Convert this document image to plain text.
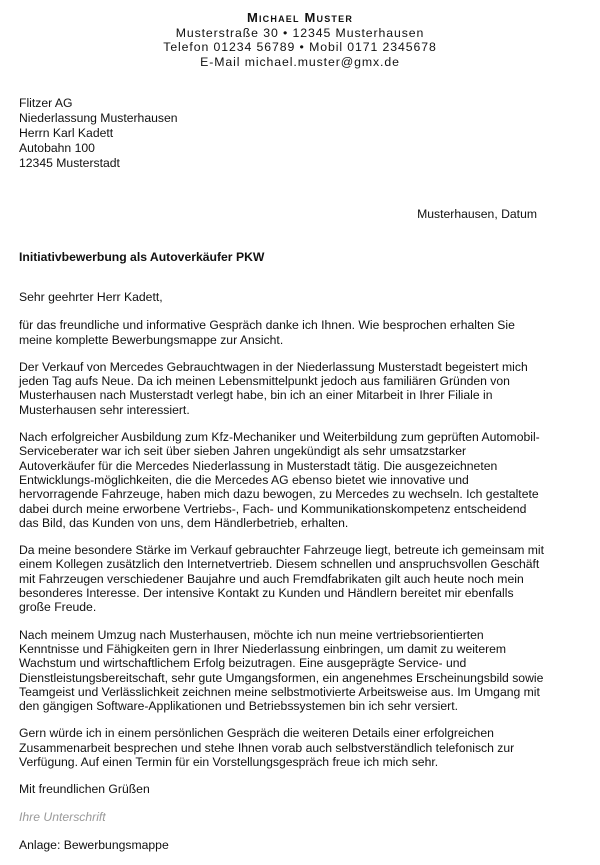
Michael Muster
Musterstraße 30 • 12345 Musterhausen
Telefon 01234 56789 • Mobil 0171 2345678
E-Mail michael.muster@gmx.de
Flitzer AG
Niederlassung Musterhausen
Herrn Karl Kadett
Autobahn 100
12345 Musterstadt
Musterhausen, Datum
Initiativbewerbung als Autoverkäufer PKW

Sehr geehrter Herr Kadett,

für das freundliche und informative Gespräch danke ich Ihnen. Wie besprochen erhalten Sie meine komplette Bewerbungsmappe zur Ansicht.

Der Verkauf von Mercedes Gebrauchtwagen in der Niederlassung Musterstadt begeistert mich jeden Tag aufs Neue. Da ich meinen Lebensmittelpunkt jedoch aus familiären Gründen von Musterhausen nach Musterstadt verlegt habe, bin ich an einer Mitarbeit in Ihrer Filiale in Musterhausen sehr interessiert.

Nach erfolgreicher Ausbildung zum Kfz-Mechaniker und Weiterbildung zum geprüften Automobil-Serviceberater war ich seit über sieben Jahren ungekündigt als sehr umsatzstarker Autoverkäufer für die Mercedes Niederlassung in Musterstadt tätig. Die ausgezeichneten Entwicklungs-möglichkeiten, die die Mercedes AG ebenso bietet wie innovative und hervorragende Fahrzeuge, haben mich dazu bewogen, zu Mercedes zu wechseln. Ich gestaltete dabei durch meine erworbene Vertriebs-, Fach- und Kommunikationskompetenz entscheidend das Bild, das Kunden von uns, dem Händlerbetrieb, erhalten.

Da meine besondere Stärke im Verkauf gebrauchter Fahrzeuge liegt, betreute ich gemeinsam mit einem Kollegen zusätzlich den Internetvertrieb. Diesem schnellen und anspruchsvollen Geschäft mit Fahrzeugen verschiedener Baujahre und auch Fremdfabrikaten gilt auch heute noch mein besonderes Interesse. Der intensive Kontakt zu Kunden und Händlern bereitet mir ebenfalls große Freude.

Nach meinem Umzug nach Musterhausen, möchte ich nun meine vertriebsorientierten Kenntnisse und Fähigkeiten gern in Ihrer Niederlassung einbringen, um damit zu weiterem Wachstum und wirtschaftlichem Erfolg beizutragen. Eine ausgeprägte Service- und Dienstleistungsbereitschaft, sehr gute Umgangsformen, ein angenehmes Erscheinungsbild sowie Teamgeist und Verlässlichkeit zeichnen meine selbstmotivierte Arbeitsweise aus. Im Umgang mit den gängigen Software-Applikationen und Betriebssystemen bin ich sehr versiert.

Gern würde ich in einem persönlichen Gespräch die weiteren Details einer erfolgreichen Zusammenarbeit besprechen und stehe Ihnen vorab auch selbstverständlich telefonisch zur Verfügung. Auf einen Termin für ein Vorstellungsgespräch freue ich mich sehr.

Mit freundlichen Grüßen

Ihre Unterschrift

Anlage: Bewerbungsmappe
